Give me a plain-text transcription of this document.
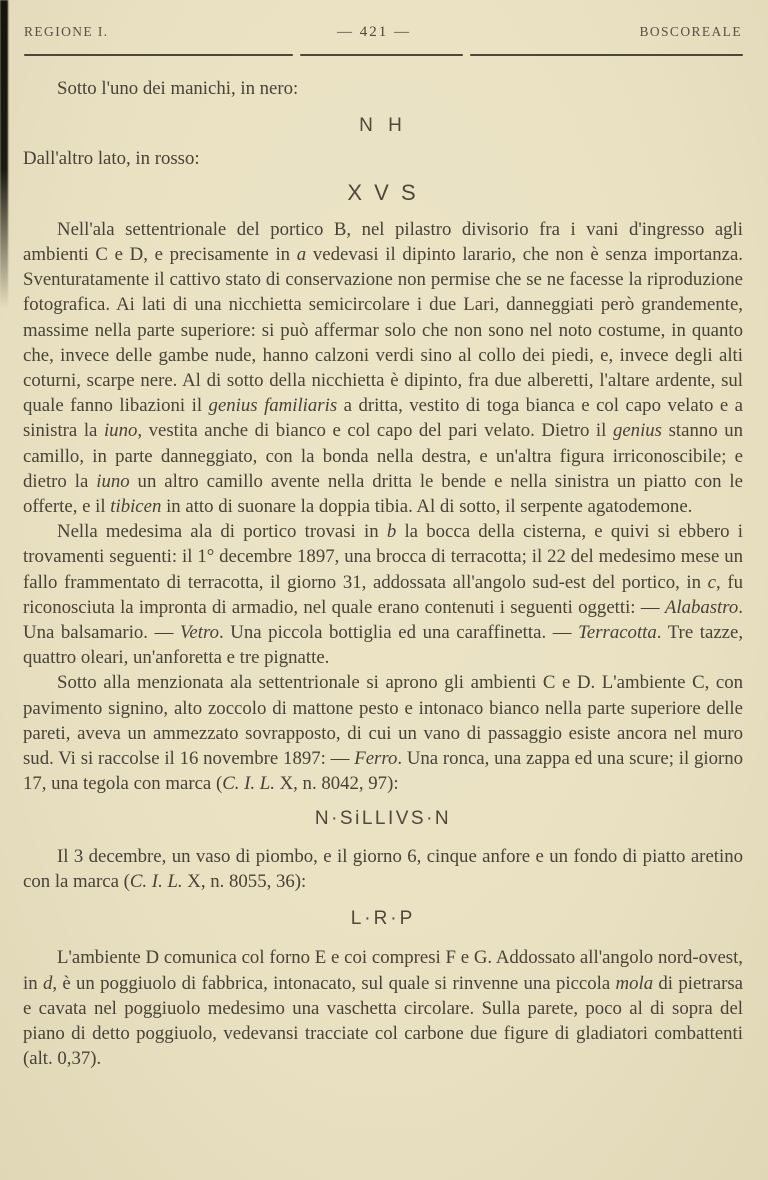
REGIONE I.	— 421 —	BOSCOREALE

Sotto l'uno dei manichi, in nero:

N H

Dall'altro lato, in rosso:

X V S

Nell'ala settentrionale del portico B, nel pilastro divisorio fra i vani d'ingresso agli ambienti C e D, e precisamente in a vedevasi il dipinto larario, che non è senza importanza. Sventuratamente il cattivo stato di conservazione non permise che se ne facesse la riproduzione fotografica. Ai lati di una nicchietta semicircolare i due Lari, danneggiati però grandemente, massime nella parte superiore: si può affermar solo che non sono nel noto costume, in quanto che, invece delle gambe nude, hanno calzoni verdi sino al collo dei piedi, e, invece degli alti coturni, scarpe nere. Al di sotto della nicchietta è dipinto, fra due alberetti, l'altare ardente, sul quale fanno libazioni il genius familiaris a dritta, vestito di toga bianca e col capo velato e a sinistra la iuno, vestita anche di bianco e col capo del pari velato. Dietro il genius stanno un camillo, in parte danneggiato, con la bonda nella destra, e un'altra figura irriconoscibile; e dietro la iuno un altro camillo avente nella dritta le bende e nella sinistra un piatto con le offerte, e il tibicen in atto di suonare la doppia tibia. Al di sotto, il serpente agatodemone.

Nella medesima ala di portico trovasi in b la bocca della cisterna, e quivi si ebbero i trovamenti seguenti: il 1° decembre 1897, una brocca di terracotta; il 22 del medesimo mese un fallo frammentato di terracotta, il giorno 31, addossata all'angolo sud-est del portico, in c, fu riconosciuta la impronta di armadio, nel quale erano contenuti i seguenti oggetti: — Alabastro. Una balsamario. — Vetro. Una piccola bottiglia ed una caraffinetta. — Terracotta. Tre tazze, quattro oleari, un'anforetta e tre pignatte.

Sotto alla menzionata ala settentrionale si aprono gli ambienti C e D. L'ambiente C, con pavimento signino, alto zoccolo di mattone pesto e intonaco bianco nella parte superiore delle pareti, aveva un ammezzato sovrapposto, di cui un vano di passaggio esiste ancora nel muro sud. Vi si raccolse il 16 novembre 1897: — Ferro. Una ronca, una zappa ed una scure; il giorno 17, una tegola con marca (C. I. L. X, n. 8042, 97):

N·SiLLIVS·N

Il 3 decembre, un vaso di piombo, e il giorno 6, cinque anfore e un fondo di piatto aretino con la marca (C. I. L. X, n. 8055, 36):

L·R·P

L'ambiente D comunica col forno E e coi compresi F e G. Addossato all'angolo nord-ovest, in d, è un poggiuolo di fabbrica, intonacato, sul quale si rinvenne una piccola mola di pietrarsa e cavata nel poggiuolo medesimo una vaschetta circolare. Sulla parete, poco al di sopra del piano di detto poggiuolo, vedevansi tracciate col carbone due figure di gladiatori combattenti (alt. 0,37).
